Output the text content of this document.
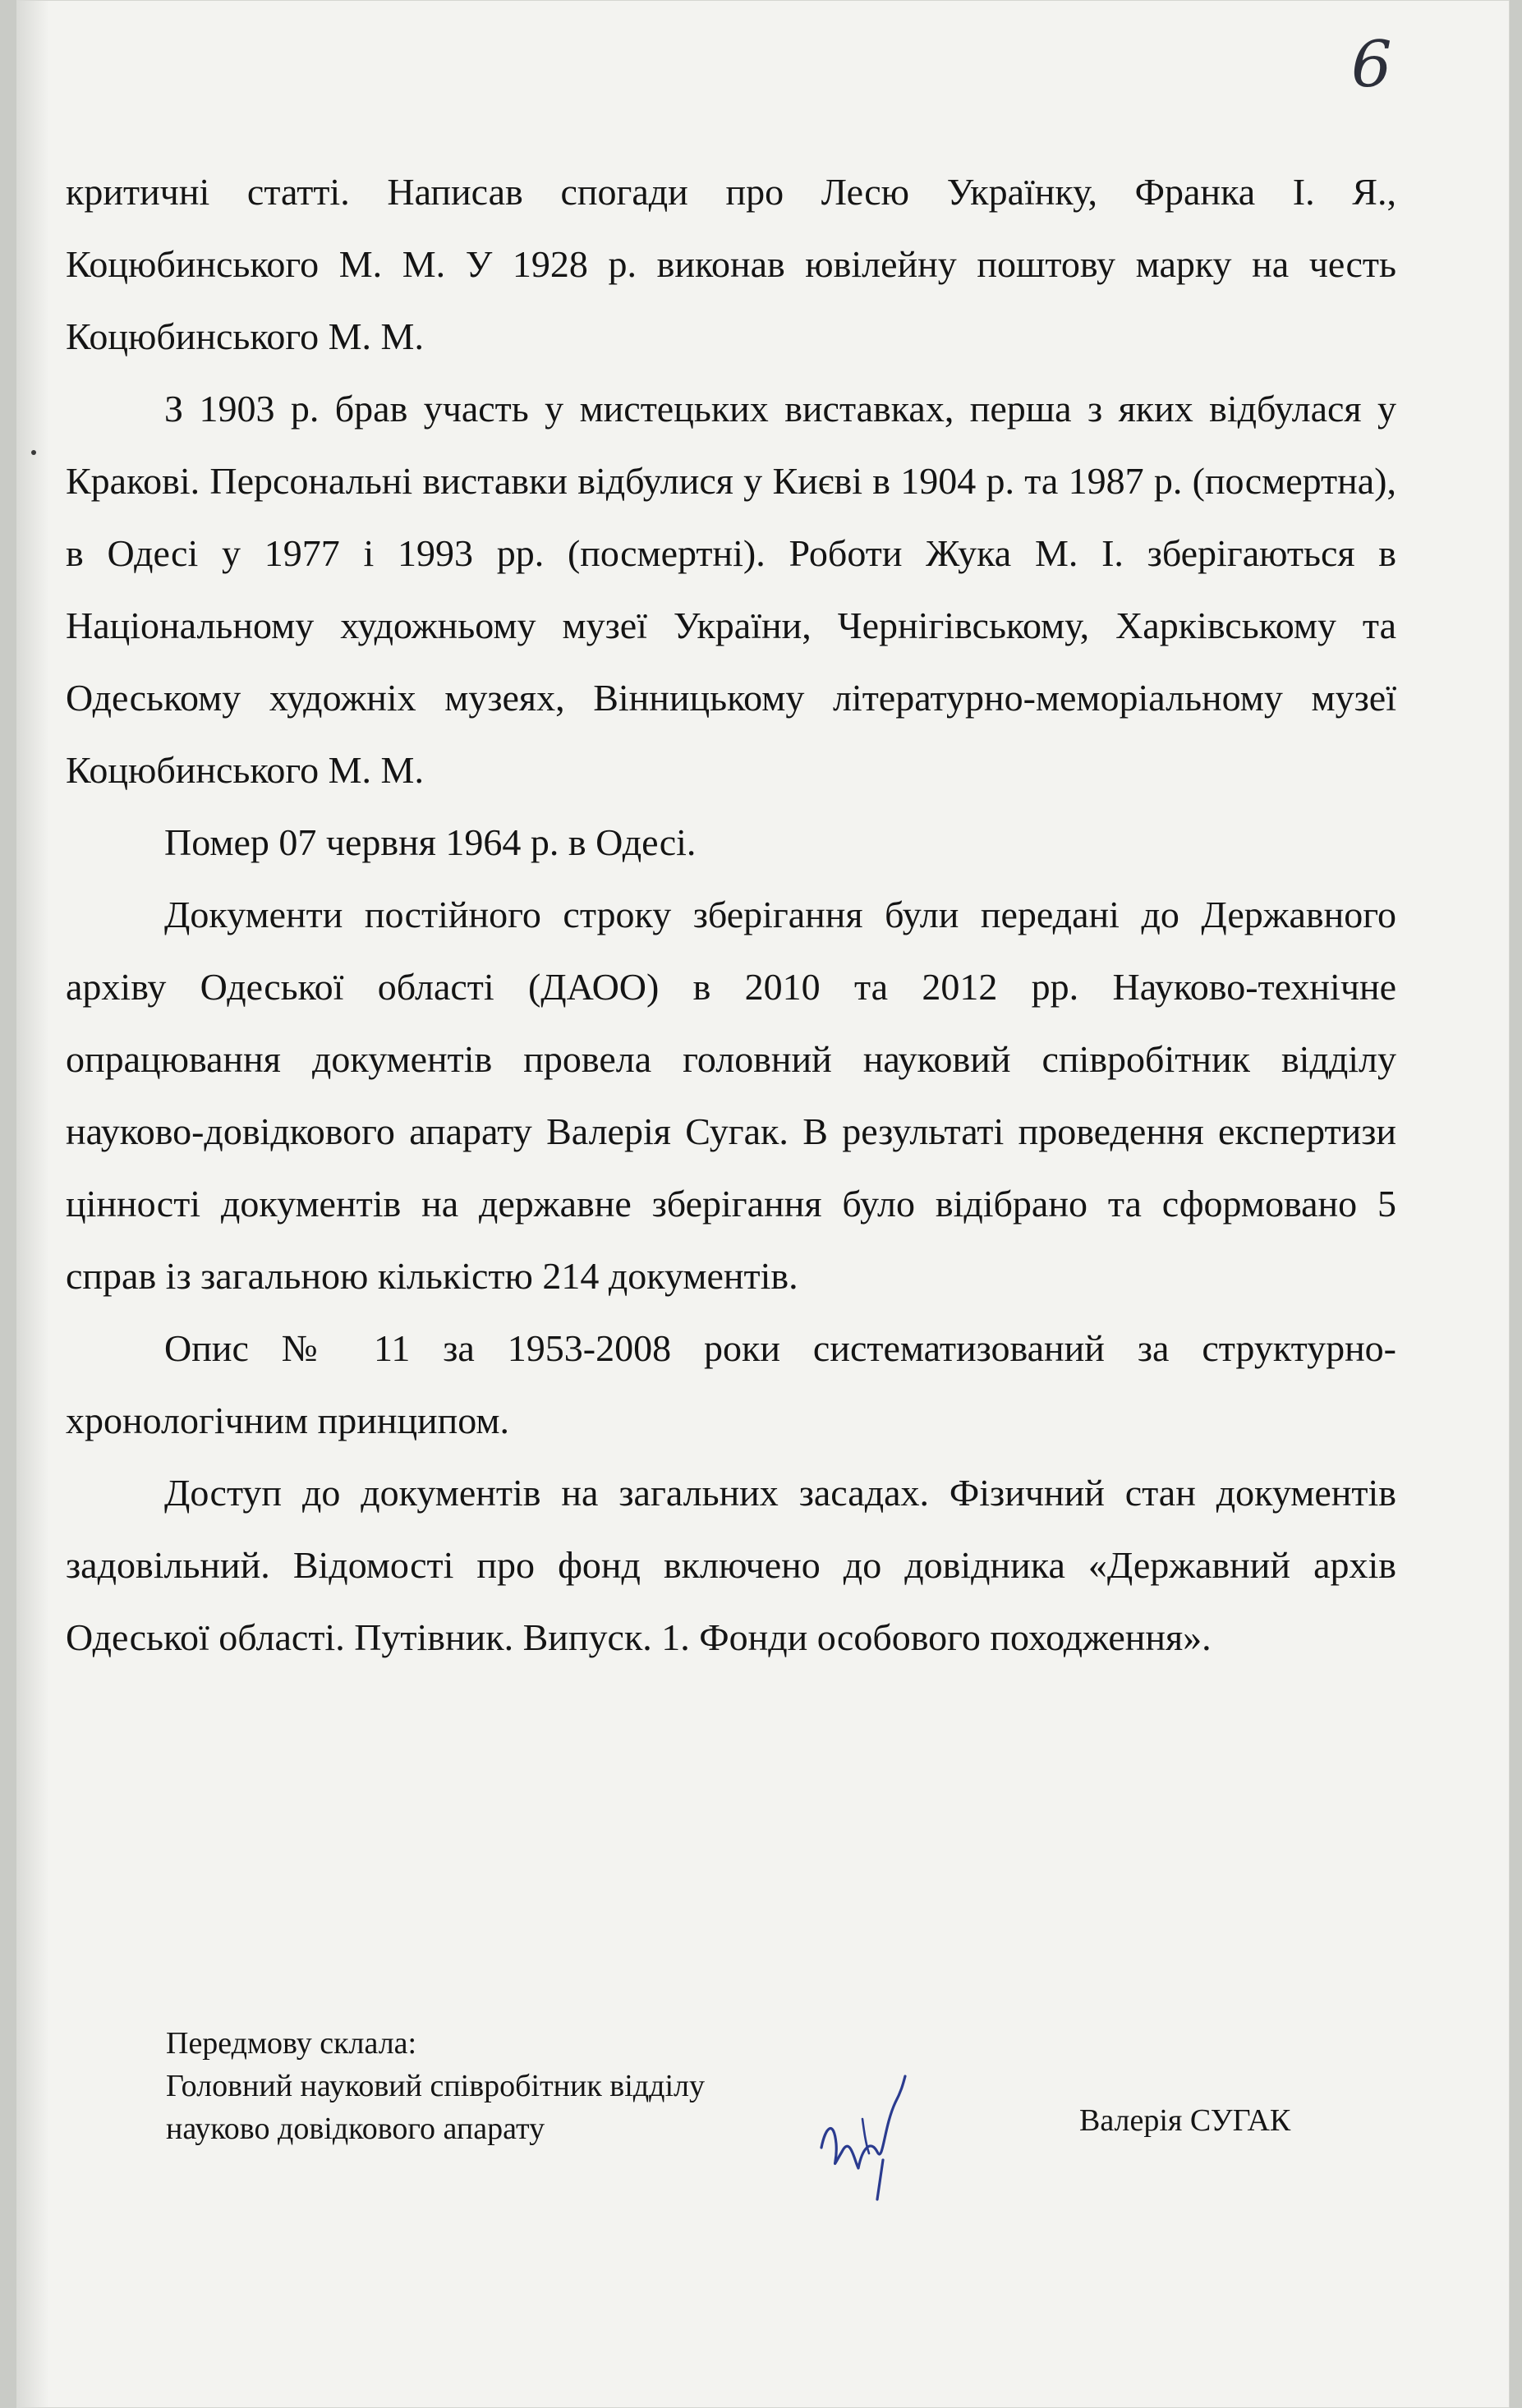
6

критичні статті. Написав спогади про Лесю Українку, Франка І. Я., Коцюбинського М. М. У 1928 р. виконав ювілейну поштову марку на честь Коцюбинського М. М.

З 1903 р. брав участь у мистецьких виставках, перша з яких відбулася у Кракові. Персональні виставки відбулися у Києві в 1904 р. та 1987 р. (посмертна), в Одесі у 1977 і 1993 рр. (посмертні). Роботи Жука М. І. зберігаються в Національному художньому музеї України, Чернігівському, Харківському та Одеському художніх музеях, Вінницькому літературно-меморіальному музеї Коцюбинського М. М.

Помер 07 червня 1964 р. в Одесі.

Документи постійного строку зберігання були передані до Державного архіву Одеської області (ДАОО) в 2010 та 2012 рр. Науково-технічне опрацювання документів провела головний науковий співробітник відділу науково-довідкового апарату Валерія Сугак. В результаті проведення експертизи цінності документів на державне зберігання було відібрано та сформовано 5 справ із загальною кількістю 214 документів.

Опис № 11 за 1953-2008 роки систематизований за структурно-хронологічним принципом.

Доступ до документів на загальних засадах. Фізичний стан документів задовільний. Відомості про фонд включено до довідника «Державний архів Одеської області. Путівник. Випуск. 1. Фонди особового походження».

Передмову склала:
Головний науковий співробітник відділу
науково довідкового апарату	Валерія СУГАК
